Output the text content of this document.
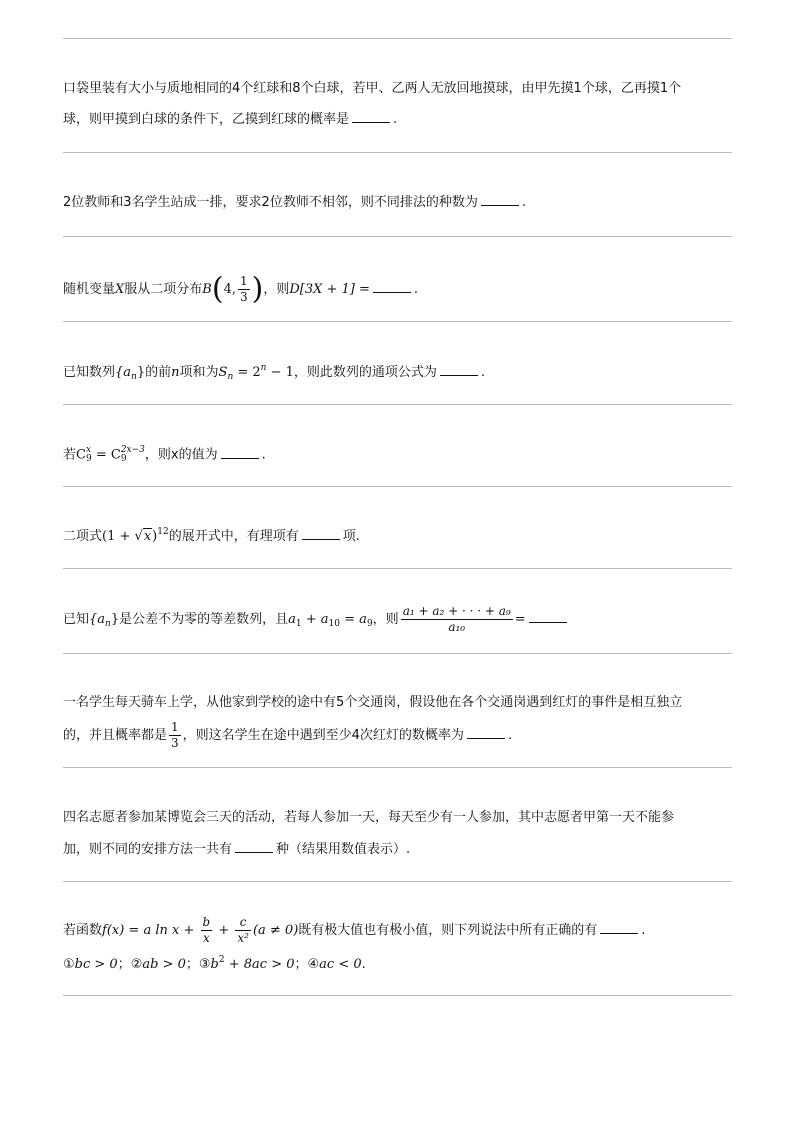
口袋里装有大小与质地相同的4个红球和8个白球，若甲、乙两人无放回地摸球，由甲先摸1个球，乙再摸1个
球，则甲摸到白球的条件下，乙摸到红球的概率是	.
2位教师和3名学生站成一排，要求2位教师不相邻，则不同排法的种数为	.
随机变量X服从二项分布B(4, $\frac{1}{3}$ )，则D[3X + 1] =	.
已知数列$\{a_n\}$的前n项和为$S_n = 2^n - 1$，则此数列的通项公式为	.
若C x
9 = C 2x−3
9	，则x的值为	.
二项式$(1 + √x)^{12}$的展开式中，有理项有	项.
已知$\{a_n\}$是公差不为零的等差数列，且$a_1 + a_{10} = a_9$，则 $\frac{\text{a₁ + a₂ + · · · + a₉}}{\text{a₁₀}}$ =
一名学生每天骑车上学，从他家到学校的途中有5个交通岗，假设他在各个交通岗遇到红灯的事件是相互独立
的，并且概率都是 $\frac{1}{3}$ ，则这名学生在途中遇到至少4次红灯的数概率为	.
四名志愿者参加某博览会三天的活动，若每人参加一天，每天至少有一人参加，其中志愿者甲第一天不能参
加，则不同的安排方法一共有	种（结果用数值表示）.
若函数f(x) = a $\ln x + \frac{b}{x} + \frac{c}{\text{x²}} (a \ne 0)$既有极大值也有极小值，则下列说法中所有正确的有	.
①bc > 0；②ab > 0；$③b^2 + 8ac > 0$；④ac < 0.
